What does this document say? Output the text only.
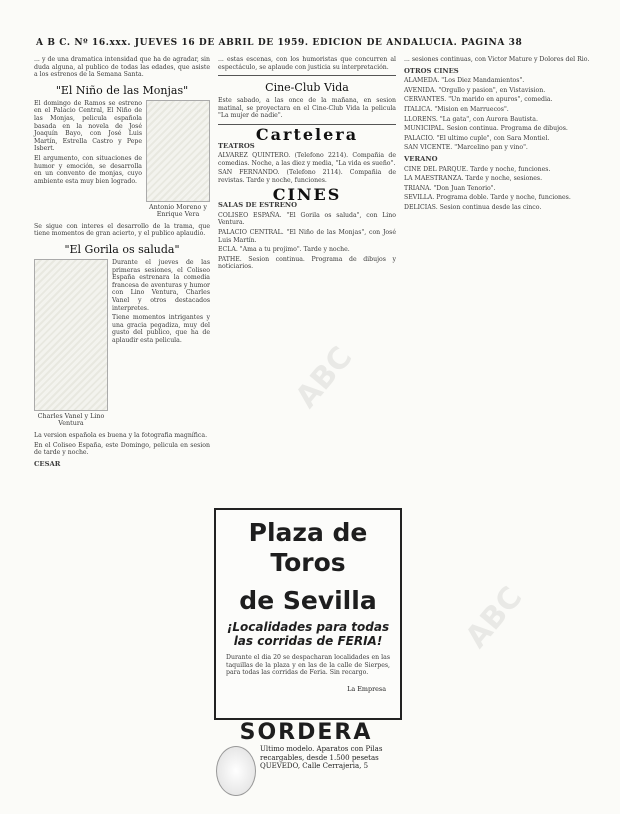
A B C. Nº 16.xxx. JUEVES 16 DE ABRIL DE 1959. EDICION DE ANDALUCIA. PAGINA 38

... y de una dramatica intensidad que ha de agradar, sin duda alguna, al publico de todas las edades, que asiste a los estrenos de la Semana Santa.

"El Niño de las Monjas"

El domingo de Ramos se estreno en el Palacio Central, El Niño de las Monjas, pelicula española basada en la novela de José Joaquín Bayo, con José Luis Martín, Estrella Castro y Pepe Isbert.

El argumento, con situaciones de humor y emoción, se desarrolla en un convento de monjas, cuyo ambiente esta muy bien logrado.

Antonio Moreno y Enrique Vera

Se sigue con interes el desarrollo de la trama, que tiene momentos de gran acierto, y el publico aplaudio.

"El Gorila os saluda"
Charles Vanel y Lino Ventura

Durante el jueves de las primeras sesiones, el Coliseo España estrenara la comedia francesa de aventuras y humor con Lino Ventura, Charles Vanel y otros destacados interpretes.

Tiene momentos intrigantes y una gracia pegadiza, muy del gusto del publico, que ha de aplaudir esta pelicula.

La version española es buena y la fotografia magnífica.

En el Coliseo España, este Domingo, pelicula en sesion de tarde y noche.

CESAR

... estas escenas, con los humoristas que concurren al espectáculo, se aplaude con justicia su interpretación.

Cine-Club Vida

Este sabado, a las once de la mañana, en sesion matinal, se proyectara en el Cine-Club Vida la pelicula "La mujer de nadie".

Cartelera
TEATROS

ALVAREZ QUINTERO. (Telefono 2214). Compañia de comedias. Noche, a las diez y media, "La vida es sueño".

SAN FERNANDO. (Telefono 2114). Compañia de revistas. Tarde y noche, funciones.

CINES
SALAS DE ESTRENO

COLISEO ESPAÑA. "El Gorila os saluda", con Lino Ventura.

PALACIO CENTRAL. "El Niño de las Monjas", con José Luis Martín.

ECLA. "Ama a tu projimo". Tarde y noche.

PATHE. Sesion continua. Programa de dibujos y noticiarios.

Plaza de Toros
de Sevilla
¡Localidades para todas las corridas de FERIA!
Durante el dia 20 se despacharan localidades en las taquillas de la plaza y en las de la calle de Sierpes, para todas las corridas de Feria. Sin recargo.
La Empresa
SORDERA
Ultimo modelo. Aparatos con Pilas recargables, desde 1.500 pesetas
QUEVEDO, Calle Cerrajeria, 5

... sesiones continuas, con Victor Mature y Dolores del Rio.

OTROS CINES

ALAMEDA. "Los Diez Mandamientos".

AVENIDA. "Orgullo y pasion", en Vistavision.

CERVANTES. "Un marido en apuros", comedia.

ITALICA. "Mision en Marruecos".

LLORENS. "La gata", con Aurora Bautista.

MUNICIPAL. Sesion continua. Programa de dibujos.

PALACIO. "El ultimo cuple", con Sara Montiel.

SAN VICENTE. "Marcelino pan y vino".

VERANO

CINE DEL PARQUE. Tarde y noche, funciones.

LA MAESTRANZA. Tarde y noche, sesiones.

TRIANA. "Don Juan Tenorio".

SEVILLA. Programa doble. Tarde y noche, funciones.

DELICIAS. Sesion continua desde las cinco.

ABC
ABC
